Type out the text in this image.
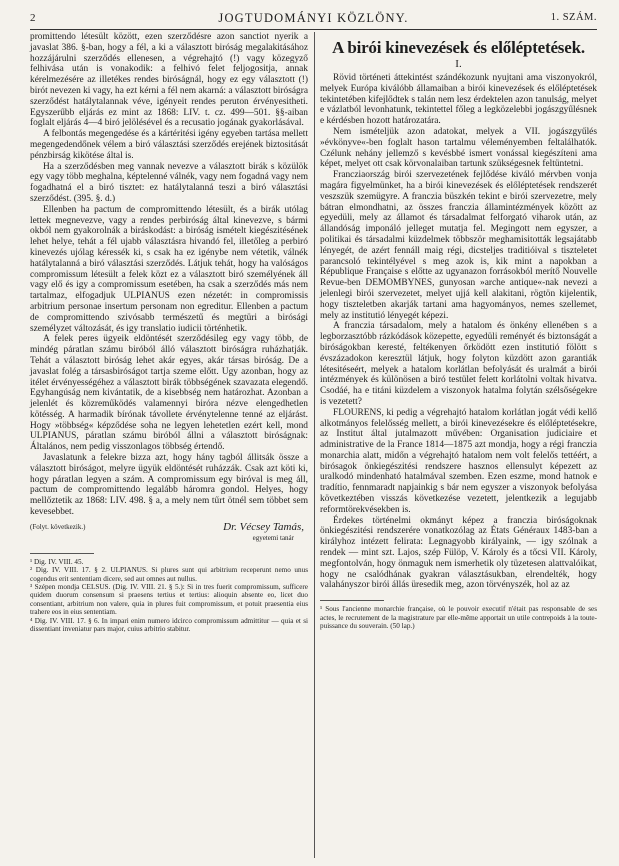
2	JOGTUDOMÁNYI KÖZLÖNY.	1. SZÁM.

promittendo létesült között, ezen szerződésre azon sanctiot nyerik a javaslat 386. §-ban, hogy a fél, a ki a választott biróság megalakitásához hozzájárulni szerződés ellenesen, a végrehajtó (!) vagy közegyző felhivása után is vonakodik: a felhivó felet feljogositja, annak kérelmezésére az illetékes rendes biróságnál, hogy ez egy választott (!) birót nevezen ki vagy, ha ezt kérni a fél nem akarná: a választott biróságra szerződést hatálytalannak véve, igényeit rendes peruton érvényesitheti. Egyszerűbb eljárás ez mint az 1868: LIV. t. cz. 499—501. §§-aiban foglalt eljárás 4—4 biró jelölésével és a recusatio jogának gyakorlásával.

A felbontás megengedése és a kártéritési igény egyeben tartása mellett megengedendőnek vélem a biró választási szerződés erejének biztositását pénzbirság kikötése által is.

Ha a szerződésben meg vannak nevezve a választott birák s közülök egy vagy több meghalna, képtelenné válnék, vagy nem fogadná vagy nem fogadhatná el a biró tisztet: ez hatálytalanná teszi a biró választási szerződést. (395. §. d.)

Ellenben ha pactum de compromittendo létesült, és a birák utólag lettek megnevezve, vagy a rendes perbiróság által kinevezve, s bármi okból nem gyakorolnák a biráskodást: a biróság ismételt kiegészitésének lehet helye, tehát a fél ujabb választásra hivandó fel, illetőleg a perbiró kinevezés ujólag kéressék ki, s csak ha ez igénybe nem vétetik, válnék hatálytalanná a biró választási szerződés. Látjuk tehát, hogy ha valóságos compromissum létesült a felek közt ez a választott biró személyének áll vagy elő és igy a compromissum esetében, ha csak a szerződés más nem tartalmaz, elfogadjuk ULPIANUS ezen nézetét: in compromissis arbitrium personae insertum personam non egreditur. Ellenben a pactum de compromittendo szivósabb természetű és megtüri a birósági személyzet változását, és igy translatio iudicii történhetik.

A felek peres ügyeik eldöntését szerződésileg egy vagy több, de mindég páratlan számu biróból álló választott biróságra ruházhatják. Tehát a választott biróság lehet akár egyes, akár társas biróság. De a javaslat folég a társasbiróságot tartja szeme előtt. Ugy azonban, hogy az itélet érvényességéhez a választott birák többségének szavazata elegendő. Egyhangúság nem kivántatik, de a kisebbség nem határozhat. Azonban a jelenlét és közreműködés valamennyi biróra nézve elengedhetlen kötésség. A harmadik bírónak távollete érvénytelenne tenné az eljárást. Hogy »többség« képződése soha ne legyen lehetetlen ezért kell, mond ULPIANUS, páratlan számu biróból állni a választott biróságnak: Általános, nem pedig visszonlagos többség értendő.

Javaslatunk a felekre bizza azt, hogy hány tagból állitsák össze a választott biróságot, melyre ügyük eldöntését ruházzák. Csak azt köti ki, hogy páratlan legyen a szám. A compromissum egy biróval is meg áll, pactum de compromittendo legalább háromra gondol. Helyes, hogy mellőztetik az 1868: LIV. 498. § a, a mely nem tűrt ötnél sem többet sem kevesebbet.

(Folyt. következik.)	Dr. Vécsey Tamás,
egyetemi tanár
¹ Dig. IV. VIII. 45.
² Dig. IV. VIII. 17. § 2. ULPIANUS. Si plures sunt qui arbitrium receperunt nemo unus cogendus erit sententiam dicere, sed aut omnes aut nullus.
³ Szépen mondja CELSUS. (Dig. IV. VIII. 21. § 5.): Si in tres fuerit compromissum, sufficere quidem duorum consensum si praesens tertius et tertius: alioquin absente eo, licet duo consentiant, arbitrium non valere, quia in plures fuit compromissum, et potuit praesentia eius trahere eos in eius sententiam.
⁴ Dig. IV. VIII. 17. § 6. In impari enim numero idcirco compromissum admittitur — quia et si dissentiant inveniatur pars major, cuius arbitrio stabitur.
A birói kinevezések és előléptetések.
I.

Rövid történeti áttekintést szándékozunk nyujtani ama viszonyokról, melyek Európa kiválóbb államaiban a birói kinevezések és előléptetések tekintetében kifejlődtek s talán nem lesz érdektelen azon tanulság, melyet e vázlatból levonhatunk, tekintettel főleg a legközelebbi jogászgyűlésnek e kérdésben hozott határozatára.

Nem ismételjük azon adatokat, melyek a VII. jogászgyűlés »évkönyve«-ben foglalt hason tartalmu véleményemben feltalálhatók. Czélunk nehány jellemző s kevésbbé ismert vonással kiegészíteni ama képet, melyet ott csak körvonalaiban tartunk szükségesnek feltüntetni.

Francziaország birói szervezetének fejlődése kiváló mérvben vonja magára figyelmünket, ha a birói kinevezések és előléptetések rendszerét veszszük szemügyre. A franczia büszkén tekint e birói szervezetre, mely bátran elmondhatni, az összes franczia államintézmények között az egyedüli, mely az államot és társadalmat felforgató viharok után, az állandóság imponáló jelleget mutatja fel. Megingott nem egyszer, a politikai és társadalmi küzdelmek többször meghamisitották legsajátabb lényegét, de azért fennáll maig régi, dicsteljes traditióival s tiszteletet parancsoló tekintélyével s meg azok is, kik mint a napokban a République Française s előtte az ugyanazon forrásokból merítő Nouvelle Revue-ben DEMOMBYNES, gunyosan »arche antique«-nak nevezi a jelenlegi birói szervezetet, melyet ujjá kell alakitani, rögtön kijelentik, hogy tiszteletben akarják tartani ama hagyományos, nemes szellemet, mely az institutió lényegét képezi.

A franczia társadalom, mely a hatalom és önkény ellenében s a legborzasztóbb rázkódások közepette, egyedüli reményét és biztonságát a biróságokban keresté, feltékenyen őrködött ezen institutió fölött s évszázadokon keresztül látjuk, hogy folyton küzdött azon garantiák létesitéseért, melyek a hatalom korlátlan befolyását és uralmát a birói intézmények és különösen a biró testület felett korlátolni voltak hivatva. Csodáé, ha e titáni küzdelem a viszonyok hatalma folytán szélsőségekre is vezetett?

FLOURENS, ki pedig a végrehajtó hatalom korlátlan jogát védi kellő alkotmányos felelősség mellett, a birói kinevezésekre és előléptetésekre, az Institut által jutalmazott művében: Organisation judiciaire et administrative de la France 1814—1875 azt mondja, hogy a régi franczia monarchia alatt, midőn a végrehajtó hatalom nem volt felelős tettéért, a birósagok önkiegészitési rendszere hasznos ellensulyt képezett az uralkodó mindenható hatalmával szemben. Ezen eszme, mond hatnok e tradítio, fennmaradt napjainkig s bár nem egyszer a viszonyok befolyása következtében visszás következése vezetett, jelentkezik a legujabb reformtörekvésekben is.

Érdekes történelmi okmányt képez a franczia biróságoknak önkiegészitési rendszerére vonatkozólag az États Généraux 1483-ban a királyhoz intézett felirata: Legnagyobb királyaink, — igy szólnak a rendek — mint szt. Lajos, szép Fülöp, V. Károly és a tőcsi VII. Károly, megfontolván, hogy önmaguk nem ismerhetik oly tüzetesen alattvalóikat, hogy ne csalódhának gyakran választásukban, elrendelték, hogy valahányszor birói állás üresedik meg, azon törvényszék, hol az az

¹ Sous l'ancienne monarchie française, où le pouvoir executif n'était pas responsable de ses actes, le recrutement de la magistrature par elle-même apportait un utile contrepoids à la toute-puissance du souverain. (50 lap.)
